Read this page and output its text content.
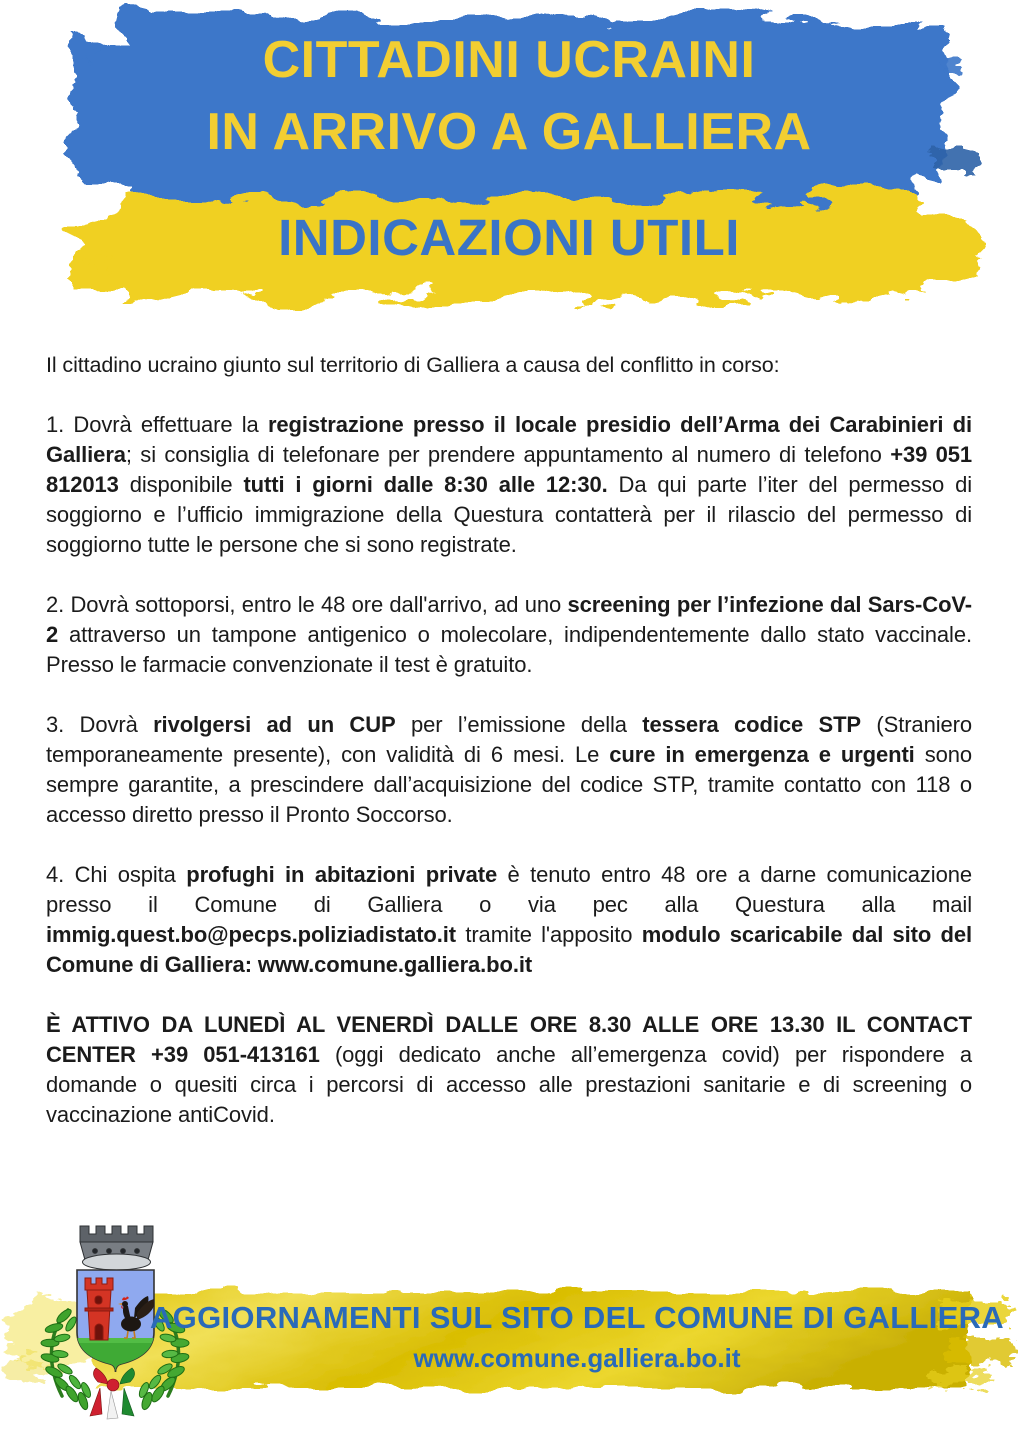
CITTADINI UCRAINI
IN ARRIVO A GALLIERA
INDICAZIONI UTILI

Il cittadino ucraino giunto sul territorio di Galliera a causa del conflitto in corso:

1. Dovrà effettuare la registrazione presso il locale presidio dell’Arma dei Carabinieri di Galliera; si consiglia di telefonare per prendere appuntamento al numero di telefono +39 051 812013 disponibile tutti i giorni dalle 8:30 alle 12:30. Da qui parte l’iter del permesso di soggiorno e l’ufficio immigrazione della Questura contatterà per il rilascio del permesso di soggiorno tutte le persone che si sono registrate.

2. Dovrà sottoporsi, entro le 48 ore dall'arrivo, ad uno screening per l’infezione dal Sars-CoV-2 attraverso un tampone antigenico o molecolare, indipendentemente dallo stato vaccinale. Presso le farmacie convenzionate il test è gratuito.

3. Dovrà rivolgersi ad un CUP per l’emissione della tessera codice STP (Straniero temporaneamente presente), con validità di 6 mesi. Le cure in emergenza e urgenti sono sempre garantite, a prescindere dall’acquisizione del codice STP, tramite contatto con 118 o accesso diretto presso il Pronto Soccorso.

4. Chi ospita profughi in abitazioni private è tenuto entro 48 ore a darne comunicazione presso il Comune di Galliera o via pec alla Questura alla mail immig.quest.bo@pecps.poliziadistato.it tramite l'apposito modulo scaricabile dal sito del Comune di Galliera: www.comune.galliera.bo.it

È ATTIVO DA LUNEDÌ AL VENERDÌ DALLE ORE 8.30 ALLE ORE 13.30 IL CONTACT CENTER +39 051-413161 (oggi dedicato anche all’emergenza covid) per rispondere a domande o quesiti circa i percorsi di accesso alle prestazioni sanitarie e di screening o vaccinazione antiCovid.

AGGIORNAMENTI SUL SITO DEL COMUNE DI GALLIERA
www.comune.galliera.bo.it
